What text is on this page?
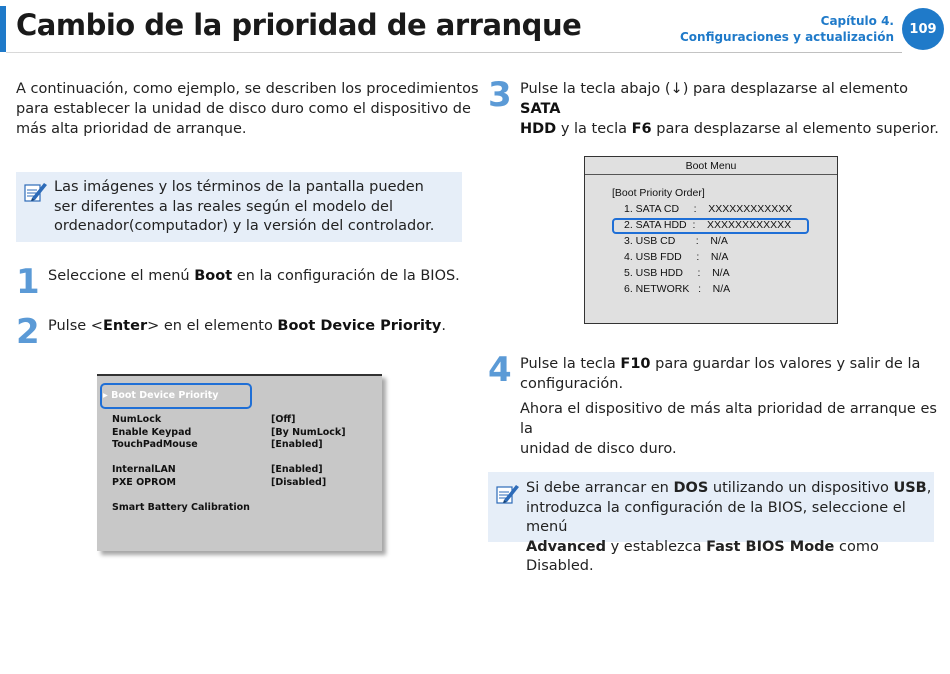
Cambio de la prioridad de arranque	Capítulo 4.
Configuraciones y actualización
109
A continuación, como ejemplo, se describen los procedimientos
para establecer la unidad de disco duro como el dispositivo de
más alta prioridad de arranque.
Las imágenes y los términos de la pantalla pueden
ser diferentes a las reales según el modelo del
ordenador(computador) y la versión del controlador.
1 Seleccione el menú Boot en la configuración de la BIOS.
2 Pulse <Enter> en el elemento Boot Device Priority.
▸ Boot Device Priority
NumLock	[Off]
Enable Keypad	[By NumLock]
TouchPadMouse	[Enabled]
InternalLAN	[Enabled]
PXE OPROM	[Disabled]
Smart Battery Calibration
3 Pulse la tecla abajo (↓) para desplazarse al elemento SATA
HDD y la tecla F6 para desplazarse al elemento superior.
Boot Menu
[Boot Priority Order]
1. SATA CD     :    XXXXXXXXXXXX
2. SATA HDD  :    XXXXXXXXXXXX
3. USB CD       :    N/A
4. USB FDD     :    N/A
5. USB HDD     :    N/A
6. NETWORK   :    N/A
4 Pulse la tecla F10 para guardar los valores y salir de la
configuración.
Ahora el dispositivo de más alta prioridad de arranque es la
unidad de disco duro.
Si debe arrancar en DOS utilizando un dispositivo USB,
introduzca la configuración de la BIOS, seleccione el menú
Advanced y establezca Fast BIOS Mode como Disabled.
